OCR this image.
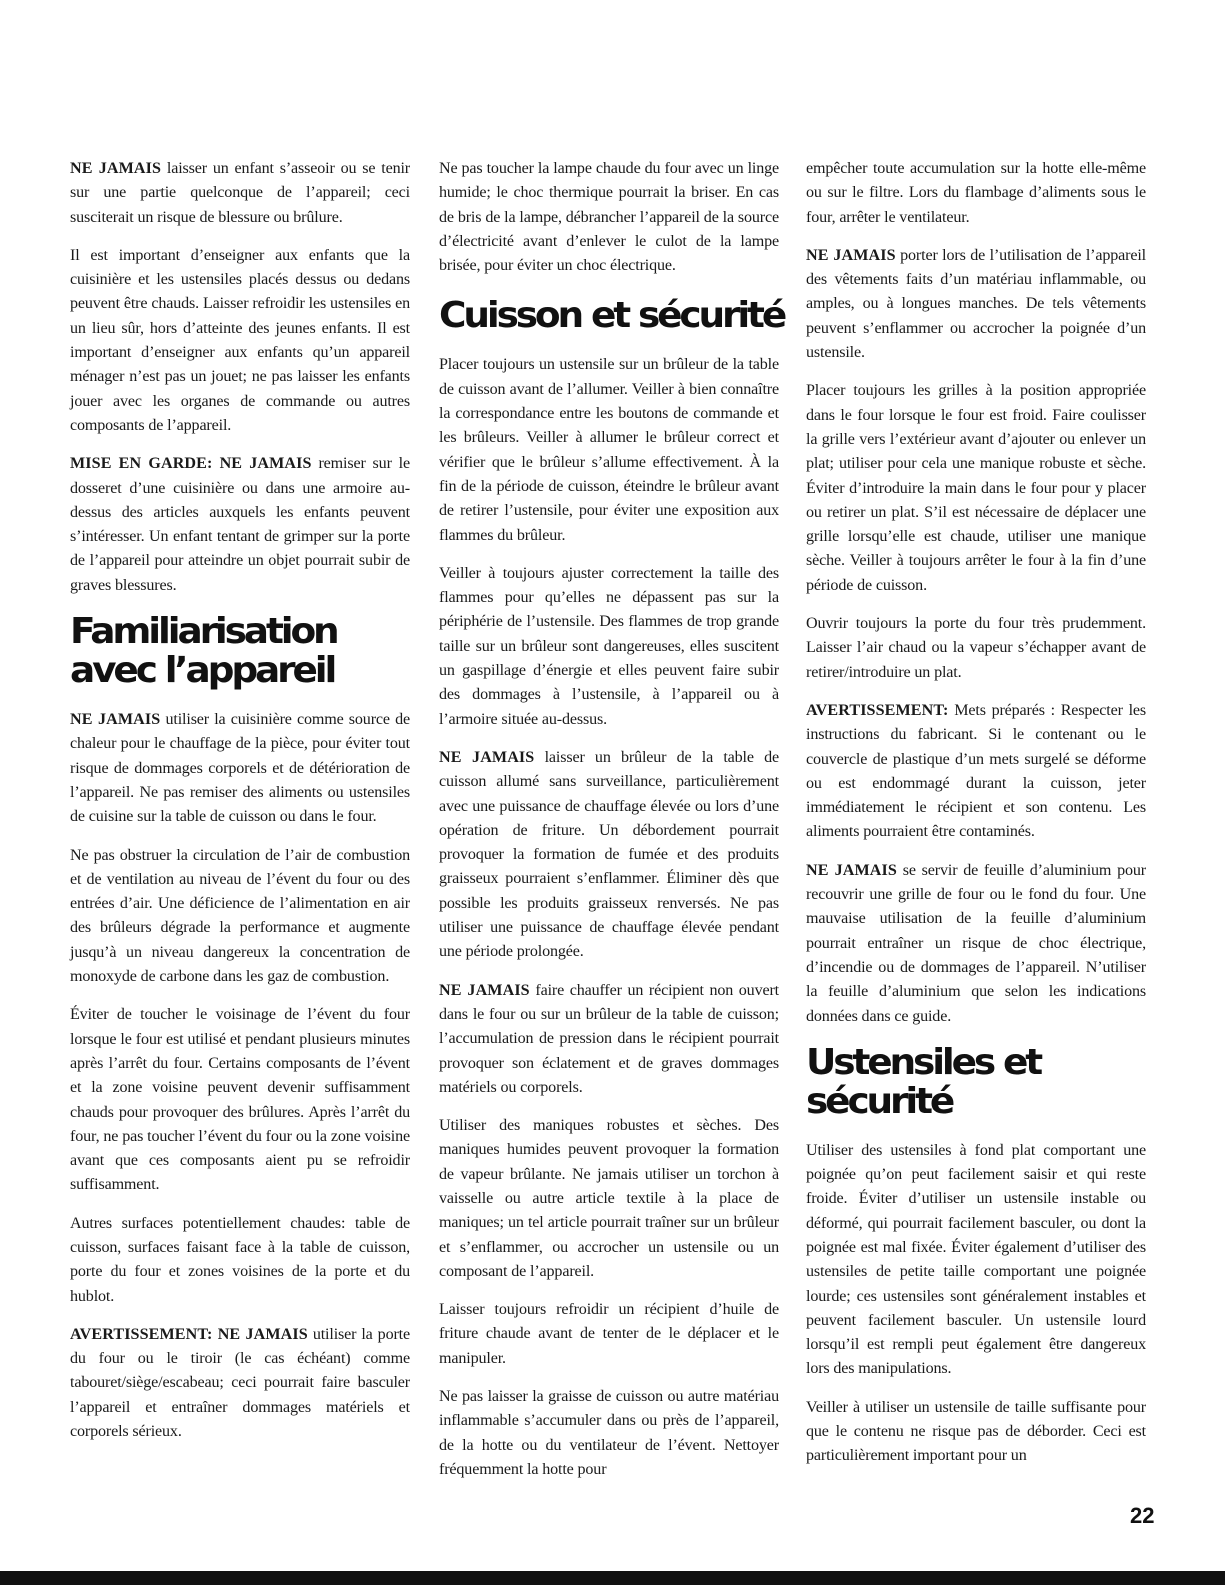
NE JAMAIS laisser un enfant s’asseoir ou se tenir sur une partie quelconque de l’appareil; ceci susciterait un risque de blessure ou brûlure.

Il est important d’enseigner aux enfants que la cuisinière et les ustensiles placés dessus ou dedans peuvent être chauds. Laisser refroidir les ustensiles en un lieu sûr, hors d’atteinte des jeunes enfants. Il est important d’enseigner aux enfants qu’un appareil ménager n’est pas un jouet; ne pas laisser les enfants jouer avec les organes de commande ou autres composants de l’appareil.

MISE EN GARDE: NE JAMAIS remiser sur le dosseret d’une cuisinière ou dans une armoire au-dessus des articles auxquels les enfants peuvent s’intéresser. Un enfant tentant de grimper sur la porte de l’appareil pour atteindre un objet pourrait subir de graves blessures.

Familiarisation
avec l’appareil

NE JAMAIS utiliser la cuisinière comme source de chaleur pour le chauffage de la pièce, pour éviter tout risque de dommages corporels et de détérioration de l’appareil. Ne pas remiser des aliments ou ustensiles de cuisine sur la table de cuisson ou dans le four.

Ne pas obstruer la circulation de l’air de combustion et de ventilation au niveau de l’évent du four ou des entrées d’air. Une déficience de l’alimentation en air des brûleurs dégrade la performance et augmente jusqu’à un niveau dangereux la concentration de monoxyde de carbone dans les gaz de combustion.

Éviter de toucher le voisinage de l’évent du four lorsque le four est utilisé et pendant plusieurs minutes après l’arrêt du four. Certains composants de l’évent et la zone voisine peuvent devenir suffisamment chauds pour provoquer des brûlures. Après l’arrêt du four, ne pas toucher l’évent du four ou la zone voisine avant que ces composants aient pu se refroidir suffisamment.

Autres surfaces potentiellement chaudes: table de cuisson, surfaces faisant face à la table de cuisson, porte du four et zones voisines de la porte et du hublot.

AVERTISSEMENT: NE JAMAIS utiliser la porte du four ou le tiroir (le cas échéant) comme tabouret/siège/escabeau; ceci pourrait faire basculer l’appareil et entraîner dommages matériels et corporels sérieux.

Ne pas toucher la lampe chaude du four avec un linge humide; le choc thermique pourrait la briser. En cas de bris de la lampe, débrancher l’appareil de la source d’électricité avant d’enlever le culot de la lampe brisée, pour éviter un choc électrique.

Cuisson et sécurité

Placer toujours un ustensile sur un brûleur de la table de cuisson avant de l’allumer. Veiller à bien connaître la correspondance entre les boutons de commande et les brûleurs. Veiller à allumer le brûleur correct et vérifier que le brûleur s’allume effectivement. À la fin de la période de cuisson, éteindre le brûleur avant de retirer l’ustensile, pour éviter une exposition aux flammes du brûleur.

Veiller à toujours ajuster correctement la taille des flammes pour qu’elles ne dépassent pas sur la périphérie de l’ustensile. Des flammes de trop grande taille sur un brûleur sont dangereuses, elles suscitent un gaspillage d’énergie et elles peuvent faire subir des dommages à l’ustensile, à l’appareil ou à l’armoire située au-dessus.

NE JAMAIS laisser un brûleur de la table de cuisson allumé sans surveillance, particulièrement avec une puissance de chauffage élevée ou lors d’une opération de friture. Un débordement pourrait provoquer la formation de fumée et des produits graisseux pourraient s’enflammer. Éliminer dès que possible les produits graisseux renversés. Ne pas utiliser une puissance de chauffage élevée pendant une période prolongée.

NE JAMAIS faire chauffer un récipient non ouvert dans le four ou sur un brûleur de la table de cuisson; l’accumulation de pression dans le récipient pourrait provoquer son éclatement et de graves dommages matériels ou corporels.

Utiliser des maniques robustes et sèches. Des maniques humides peuvent provoquer la formation de vapeur brûlante. Ne jamais utiliser un torchon à vaisselle ou autre article textile à la place de maniques; un tel article pourrait traîner sur un brûleur et s’enflammer, ou accrocher un ustensile ou un composant de l’appareil.

Laisser toujours refroidir un récipient d’huile de friture chaude avant de tenter de le déplacer et le manipuler.

Ne pas laisser la graisse de cuisson ou autre matériau inflammable s’accumuler dans ou près de l’appareil, de la hotte ou du ventilateur de l’évent. Nettoyer fréquemment la hotte pour

empêcher toute accumulation sur la hotte elle-même ou sur le filtre. Lors du flambage d’aliments sous le four, arrêter le ventilateur.

NE JAMAIS porter lors de l’utilisation de l’appareil des vêtements faits d’un matériau inflammable, ou amples, ou à longues manches. De tels vêtements peuvent s’enflammer ou accrocher la poignée d’un ustensile.

Placer toujours les grilles à la position appropriée dans le four lorsque le four est froid. Faire coulisser la grille vers l’extérieur avant d’ajouter ou enlever un plat; utiliser pour cela une manique robuste et sèche. Éviter d’introduire la main dans le four pour y placer ou retirer un plat. S’il est nécessaire de déplacer une grille lorsqu’elle est chaude, utiliser une manique sèche. Veiller à toujours arrêter le four à la fin d’une période de cuisson.

Ouvrir toujours la porte du four très prudemment. Laisser l’air chaud ou la vapeur s’échapper avant de retirer/introduire un plat.

AVERTISSEMENT: Mets préparés : Respecter les instructions du fabricant. Si le contenant ou le couvercle de plastique d’un mets surgelé se déforme ou est endommagé durant la cuisson, jeter immédiatement le récipient et son contenu. Les aliments pourraient être contaminés.

NE JAMAIS se servir de feuille d’aluminium pour recouvrir une grille de four ou le fond du four. Une mauvaise utilisation de la feuille d’aluminium pourrait entraîner un risque de choc électrique, d’incendie ou de dommages de l’appareil. N’utiliser la feuille d’aluminium que selon les indications données dans ce guide.

Ustensiles et
sécurité

Utiliser des ustensiles à fond plat comportant une poignée qu’on peut facilement saisir et qui reste froide. Éviter d’utiliser un ustensile instable ou déformé, qui pourrait facilement basculer, ou dont la poignée est mal fixée. Éviter également d’utiliser des ustensiles de petite taille comportant une poignée lourde; ces ustensiles sont généralement instables et peuvent facilement basculer. Un ustensile lourd lorsqu’il est rempli peut également être dangereux lors des manipulations.

Veiller à utiliser un ustensile de taille suffisante pour que le contenu ne risque pas de déborder. Ceci est particulièrement important pour un

22
